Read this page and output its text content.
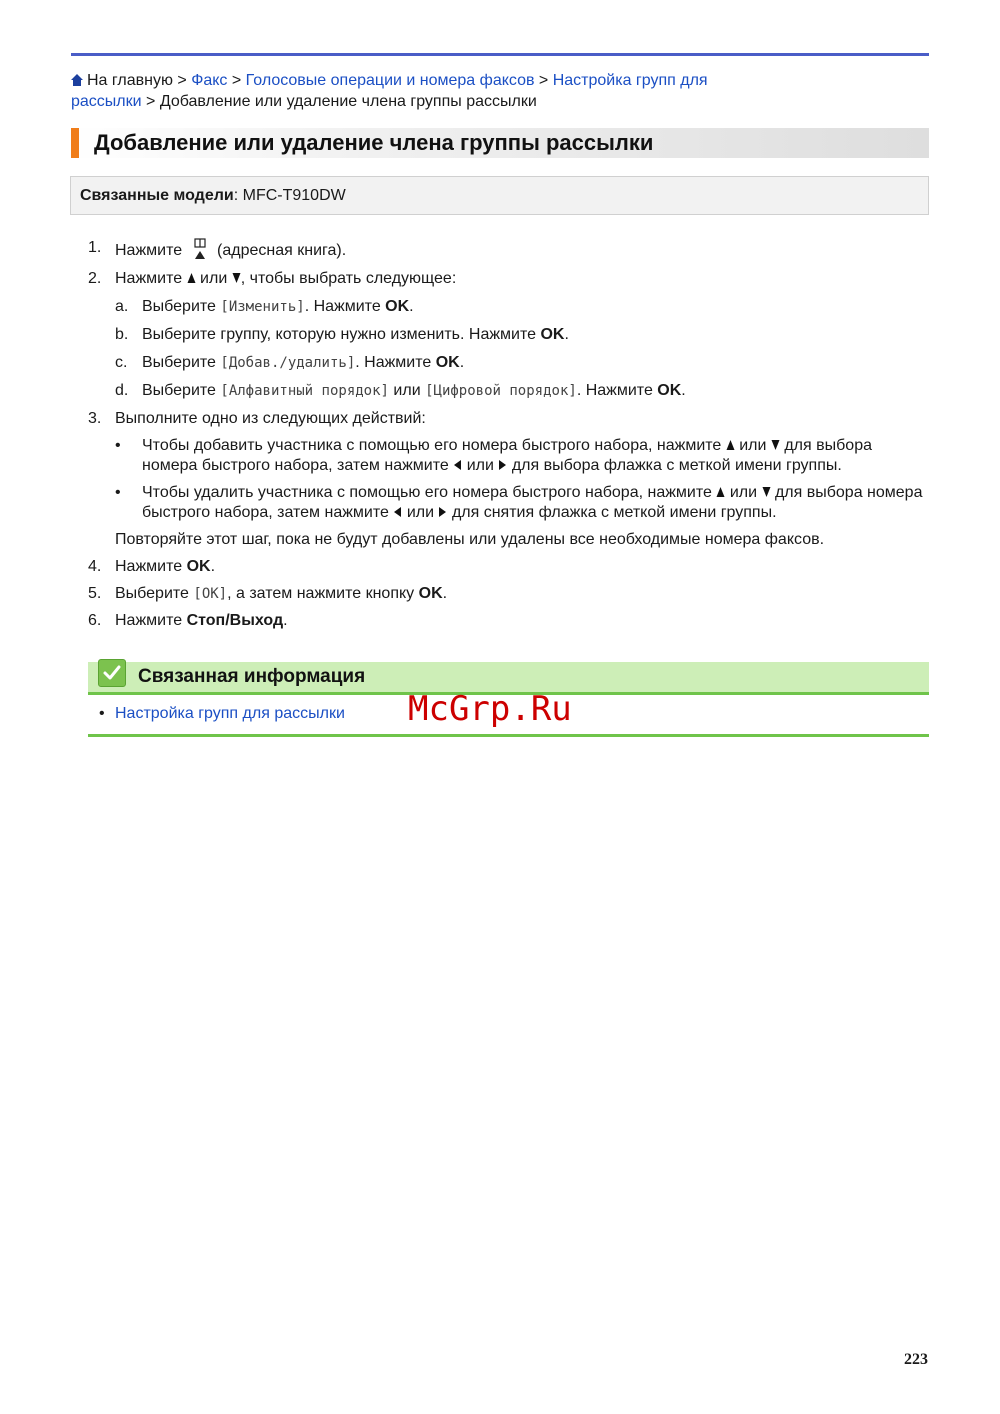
На главную > Факс > Голосовые операции и номера факсов > Настройка групп для
рассылки > Добавление или удаление члена группы рассылки
Добавление или удаление члена группы рассылки
Связанные модели: MFC-T910DW
1. Нажмите (адресная книга).
2. Нажмите или , чтобы выбрать следующее:
a. Выберите [Изменить]. Нажмите OK.
b. Выберите группу, которую нужно изменить. Нажмите OK.
c. Выберите [Добав./удалить]. Нажмите OK.
d. Выберите [Алфавитный порядок] или [Цифровой порядок]. Нажмите OK.
3. Выполните одно из следующих действий:
• Чтобы добавить участника с помощью его номера быстрого набора, нажмите или для выбора номера быстрого набора, затем нажмите или для выбора флажка с меткой имени группы.
• Чтобы удалить участника с помощью его номера быстрого набора, нажмите или для выбора номера быстрого набора, затем нажмите или для снятия флажка с меткой имени группы.
Повторяйте этот шаг, пока не будут добавлены или удалены все необходимые номера факсов.
4. Нажмите OK.
5. Выберите [OK], а затем нажмите кнопку OK.
6. Нажмите Стоп/Выход.
Связанная информация
• Настройка групп для рассылки McGrp.Ru
223
